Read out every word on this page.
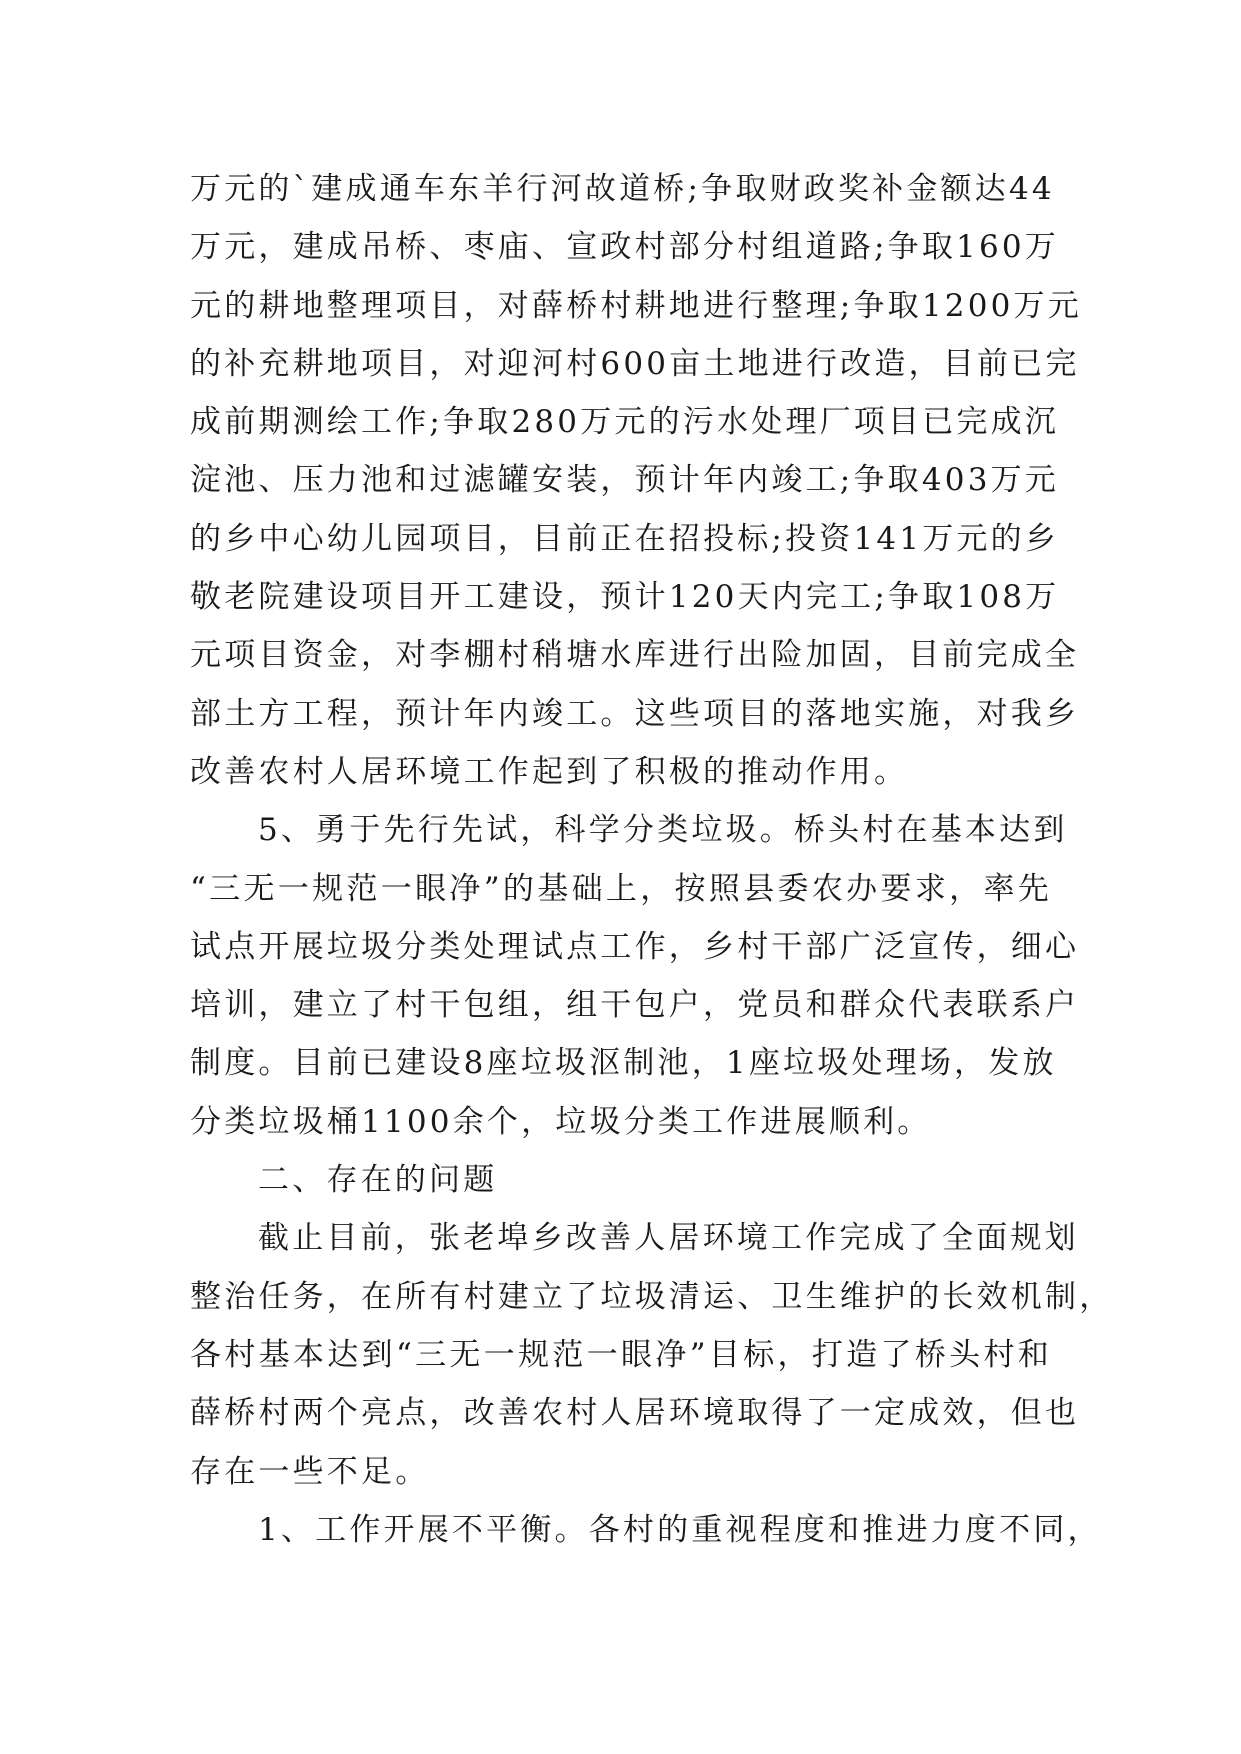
万元的`建成通车东羊行河故道桥;争取财政奖补金额达44
万元，建成吊桥、枣庙、宣政村部分村组道路;争取160万
元的耕地整理项目，对薛桥村耕地进行整理;争取1200万元
的补充耕地项目，对迎河村600亩土地进行改造，目前已完
成前期测绘工作;争取280万元的污水处理厂项目已完成沉
淀池、压力池和过滤罐安装，预计年内竣工;争取403万元
的乡中心幼儿园项目，目前正在招投标;投资141万元的乡
敬老院建设项目开工建设，预计120天内完工;争取108万
元项目资金，对李棚村稍塘水库进行出险加固，目前完成全
部土方工程，预计年内竣工。这些项目的落地实施，对我乡
改善农村人居环境工作起到了积极的推动作用。
5、勇于先行先试，科学分类垃圾。桥头村在基本达到
“三无一规范一眼净”的基础上，按照县委农办要求，率先
试点开展垃圾分类处理试点工作，乡村干部广泛宣传，细心
培训，建立了村干包组，组干包户，党员和群众代表联系户
制度。目前已建设8座垃圾沤制池，1座垃圾处理场，发放
分类垃圾桶1100余个，垃圾分类工作进展顺利。
二、存在的问题
截止目前，张老埠乡改善人居环境工作完成了全面规划
整治任务，在所有村建立了垃圾清运、卫生维护的长效机制，
各村基本达到“三无一规范一眼净”目标，打造了桥头村和
薛桥村两个亮点，改善农村人居环境取得了一定成效，但也
存在一些不足。
1、工作开展不平衡。各村的重视程度和推进力度不同，
